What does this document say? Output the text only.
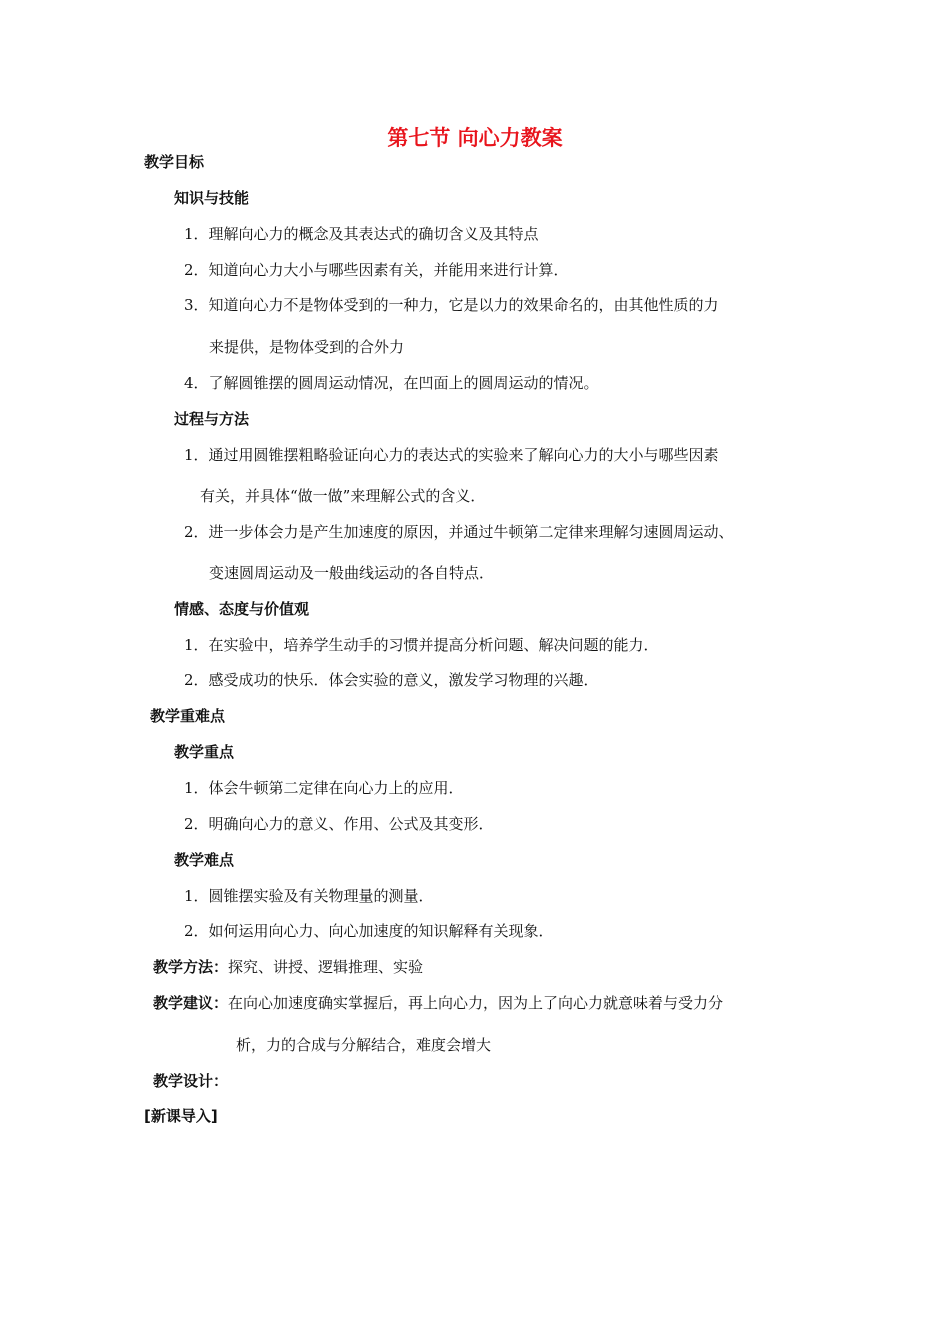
第七节 向心力教案
教学目标
知识与技能
1．理解向心力的概念及其表达式的确切含义及其特点
2．知道向心力大小与哪些因素有关，并能用来进行计算．
3．知道向心力不是物体受到的一种力，它是以力的效果命名的，由其他性质的力
来提供，是物体受到的合外力
4．了解圆锥摆的圆周运动情况，在凹面上的圆周运动的情况。
过程与方法
1．通过用圆锥摆粗略验证向心力的表达式的实验来了解向心力的大小与哪些因素
有关，并具体“做一做”来理解公式的含义．
2．进一步体会力是产生加速度的原因，并通过牛顿第二定律来理解匀速圆周运动、
变速圆周运动及一般曲线运动的各自特点．
情感、态度与价值观
1．在实验中，培养学生动手的习惯并提高分析问题、解决问题的能力．
2．感受成功的快乐．体会实验的意义，激发学习物理的兴趣．
教学重难点
教学重点
1．体会牛顿第二定律在向心力上的应用．
2．明确向心力的意义、作用、公式及其变形．
教学难点
1．圆锥摆实验及有关物理量的测量．
2．如何运用向心力、向心加速度的知识解释有关现象．
教学方法：探究、讲授、逻辑推理、实验
教学建议：在向心加速度确实掌握后，再上向心力，因为上了向心力就意味着与受力分
析，力的合成与分解结合，难度会增大
教学设计：
[新课导入]
